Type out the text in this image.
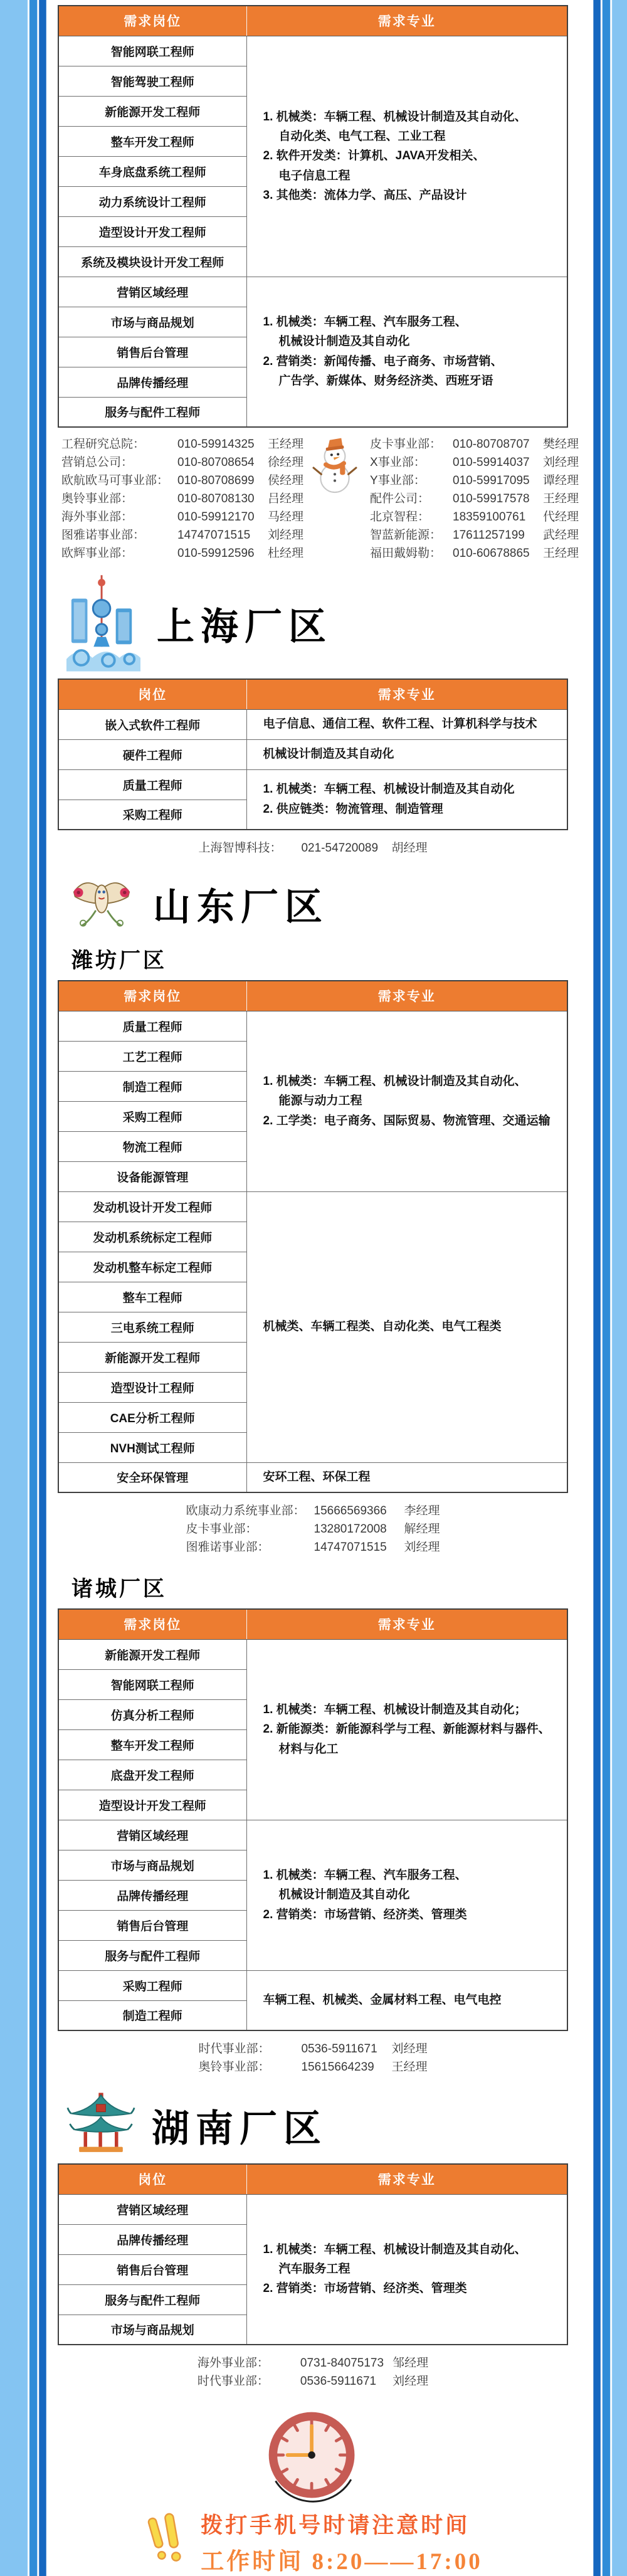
需求岗位	需求专业
智能网联工程师	1. 机械类：车辆工程、机械设计制造及其自动化、
自动化类、电气工程、工业工程
2. 软件开发类：计算机、JAVA开发相关、
电子信息工程
3. 其他类：流体力学、高压、产品设计

智能驾驶工程师	
新能源开发工程师	
整车开发工程师	
车身底盘系统工程师	
动力系统设计工程师	
造型设计开发工程师	
系统及模块设计开发工程师	
营销区域经理	1. 机械类：车辆工程、汽车服务工程、
机械设计制造及其自动化
2. 营销类：新闻传播、电子商务、市场营销、
广告学、新媒体、财务经济类、西班牙语

市场与商品规划	
销售后台管理	
品牌传播经理	
服务与配件工程师	
工程研究总院：	010-59914325	王经理
营销总公司：	010-80708654	徐经理
欧航欧马可事业部： 010-80708699	侯经理
奥铃事业部：	010-80708130	吕经理
海外事业部：	010-59912170	马经理
图雅诺事业部：	14747071515	刘经理
欧辉事业部：	010-59912596	杜经理
皮卡事业部： 010-80708707	樊经理
X事业部：	010-59914037	刘经理
Y事业部：	010-59917095	谭经理
配件公司：	010-59917578	王经理
北京智程：	18359100761	代经理
智蓝新能源： 17611257199	武经理
福田戴姆勒： 010-60678865	王经理
上海厂区
岗位	需求专业
嵌入式软件工程师	电子信息、通信工程、软件工程、计算机科学与技术

硬件工程师	机械设计制造及其自动化

质量工程师	1. 机械类：车辆工程、机械设计制造及其自动化
2. 供应链类：物流管理、制造管理

采购工程师	
上海智博科技：	021-54720089	胡经理
山东厂区
潍坊厂区
需求岗位	需求专业
质量工程师	1. 机械类：车辆工程、机械设计制造及其自动化、
能源与动力工程
2. 工学类：电子商务、国际贸易、物流管理、交通运输

工艺工程师	
制造工程师	
采购工程师	
物流工程师	
设备能源管理	
发动机设计开发工程师	机械类、车辆工程类、自动化类、电气工程类

发动机系统标定工程师	
发动机整车标定工程师	
整车工程师	
三电系统工程师	
新能源开发工程师	
造型设计工程师	
CAE分析工程师	
NVH测试工程师	
安全环保管理	安环工程、环保工程
欧康动力系统事业部： 15666569366	李经理
皮卡事业部：	13280172008	解经理
图雅诺事业部：	14747071515	刘经理
诸城厂区
需求岗位	需求专业
新能源开发工程师	1. 机械类：车辆工程、机械设计制造及其自动化；
2. 新能源类：新能源科学与工程、新能源材料与器件、
材料与化工

智能网联工程师	
仿真分析工程师	
整车开发工程师	
底盘开发工程师	
造型设计开发工程师	
营销区域经理	1. 机械类：车辆工程、汽车服务工程、
机械设计制造及其自动化
2. 营销类：市场营销、经济类、管理类

市场与商品规划	
品牌传播经理	
销售后台管理	
服务与配件工程师	
采购工程师	车辆工程、机械类、金属材料工程、电气电控

制造工程师	
时代事业部：	0536-5911671	刘经理
奥铃事业部：	15615664239	王经理
湖南厂区
岗位	需求专业
营销区域经理	1. 机械类：车辆工程、机械设计制造及其自动化、
汽车服务工程
2. 营销类：市场营销、经济类、管理类

品牌传播经理	
销售后台管理	
服务与配件工程师	
市场与商品规划	
海外事业部：	0731-84075173 邹经理
时代事业部：	0536-5911671	刘经理
拨打手机号时请注意时间
工作时间 8:20——17:00
